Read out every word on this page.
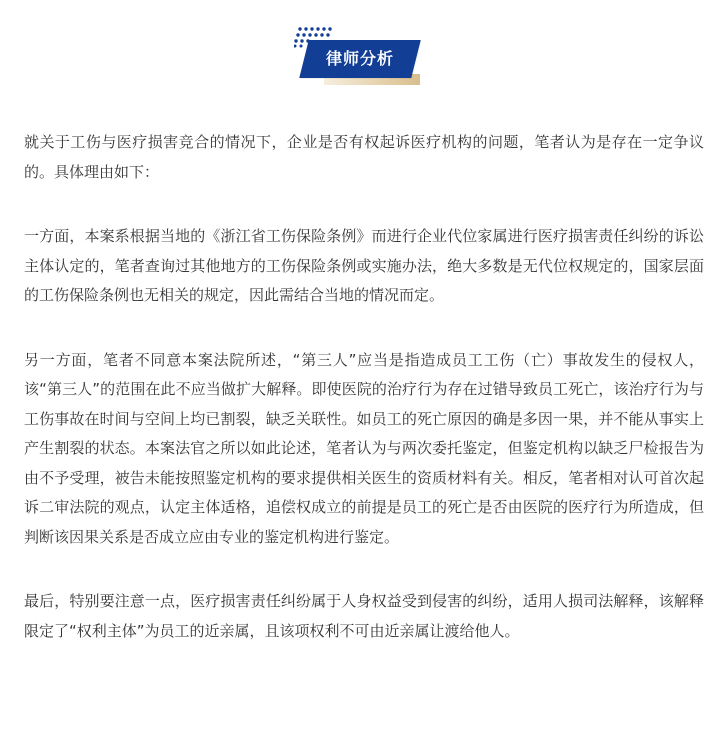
律师分析

就关于工伤与医疗损害竞合的情况下，企业是否有权起诉医疗机构的问题，笔者认为是存在一定争议的。具体理由如下：

一方面，本案系根据当地的《浙江省工伤保险条例》而进行企业代位家属进行医疗损害责任纠纷的诉讼主体认定的，笔者查询过其他地方的工伤保险条例或实施办法，绝大多数是无代位权规定的，国家层面的工伤保险条例也无相关的规定，因此需结合当地的情况而定。

另一方面，笔者不同意本案法院所述，“第三人”应当是指造成员工工伤（亡）事故发生的侵权人，该“第三人”的范围在此不应当做扩大解释。即使医院的治疗行为存在过错导致员工死亡，该治疗行为与工伤事故在时间与空间上均已割裂，缺乏关联性。如员工的死亡原因的确是多因一果，并不能从事实上产生割裂的状态。本案法官之所以如此论述，笔者认为与两次委托鉴定，但鉴定机构以缺乏尸检报告为由不予受理，被告未能按照鉴定机构的要求提供相关医生的资质材料有关。相反，笔者相对认可首次起诉二审法院的观点，认定主体适格，追偿权成立的前提是员工的死亡是否由医院的医疗行为所造成，但判断该因果关系是否成立应由专业的鉴定机构进行鉴定。

最后，特别要注意一点，医疗损害责任纠纷属于人身权益受到侵害的纠纷，适用人损司法解释，该解释限定了“权利主体”为员工的近亲属，且该项权利不可由近亲属让渡给他人。
